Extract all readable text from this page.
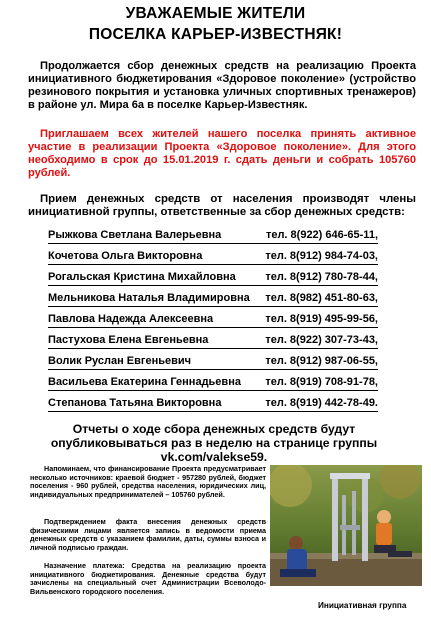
УВАЖАЕМЫЕ ЖИТЕЛИ
ПОСЕЛКА КАРЬЕР-ИЗВЕСТНЯК!
Продолжается сбор денежных средств на реализацию Проекта инициативного бюджетирования «Здоровое поколение» (устройство резинового покрытия и установка уличных спортивных тренажеров) в районе ул. Мира 6а в поселке Карьер-Известняк.
Приглашаем всех жителей нашего поселка принять активное участие в реализации Проекта «Здоровое поколение». Для этого необходимо в срок до 15.01.2019 г. сдать деньги и собрать 105760 рублей.
Прием денежных средств от населения производят члены инициативной группы, ответственные за сбор денежных средств:
Рыжкова Светлана Валерьевна	тел. 8(922) 646-65-11,
Кочетова Ольга Викторовна	тел. 8(912) 984-74-03,
Рогальская Кристина Михайловна	тел. 8(912) 780-78-44,
Мельникова Наталья Владимировна тел. 8(982) 451-80-63,
Павлова Надежда Алексеевна	тел. 8(919) 495-99-56,
Пастухова Елена Евгеньевна	тел. 8(922) 307-73-43,
Волик Руслан Евгеньевич	тел. 8(912) 987-06-55,
Васильева Екатерина Геннадьевна тел. 8(919) 708-91-78,
Степанова Татьяна Викторовна	тел. 8(919) 442-78-49.
Отчеты о ходе сбора денежных средств будут опубликовываться раз в неделю на странице группы vk.com/valekse59.
Напоминаем, что финансирование Проекта предусматривает несколько источников: краевой бюджет - 957280 рублей, бюджет поселения - 960 рублей, средства населения, юридических лиц, индивидуальных предпринимателей – 105760 рублей.
Подтверждением факта внесения денежных средств физическими лицами является запись в ведомости приема денежных средств с указанием фамилии, даты, суммы взноса и личной подписью граждан.
Назначение платежа: Средства на реализацию проекта инициативного бюджетирования. Денежные средства будут зачислены на специальный счет Администрации Всеволодо-Вильвенского городского поселения.
Инициативная группа
